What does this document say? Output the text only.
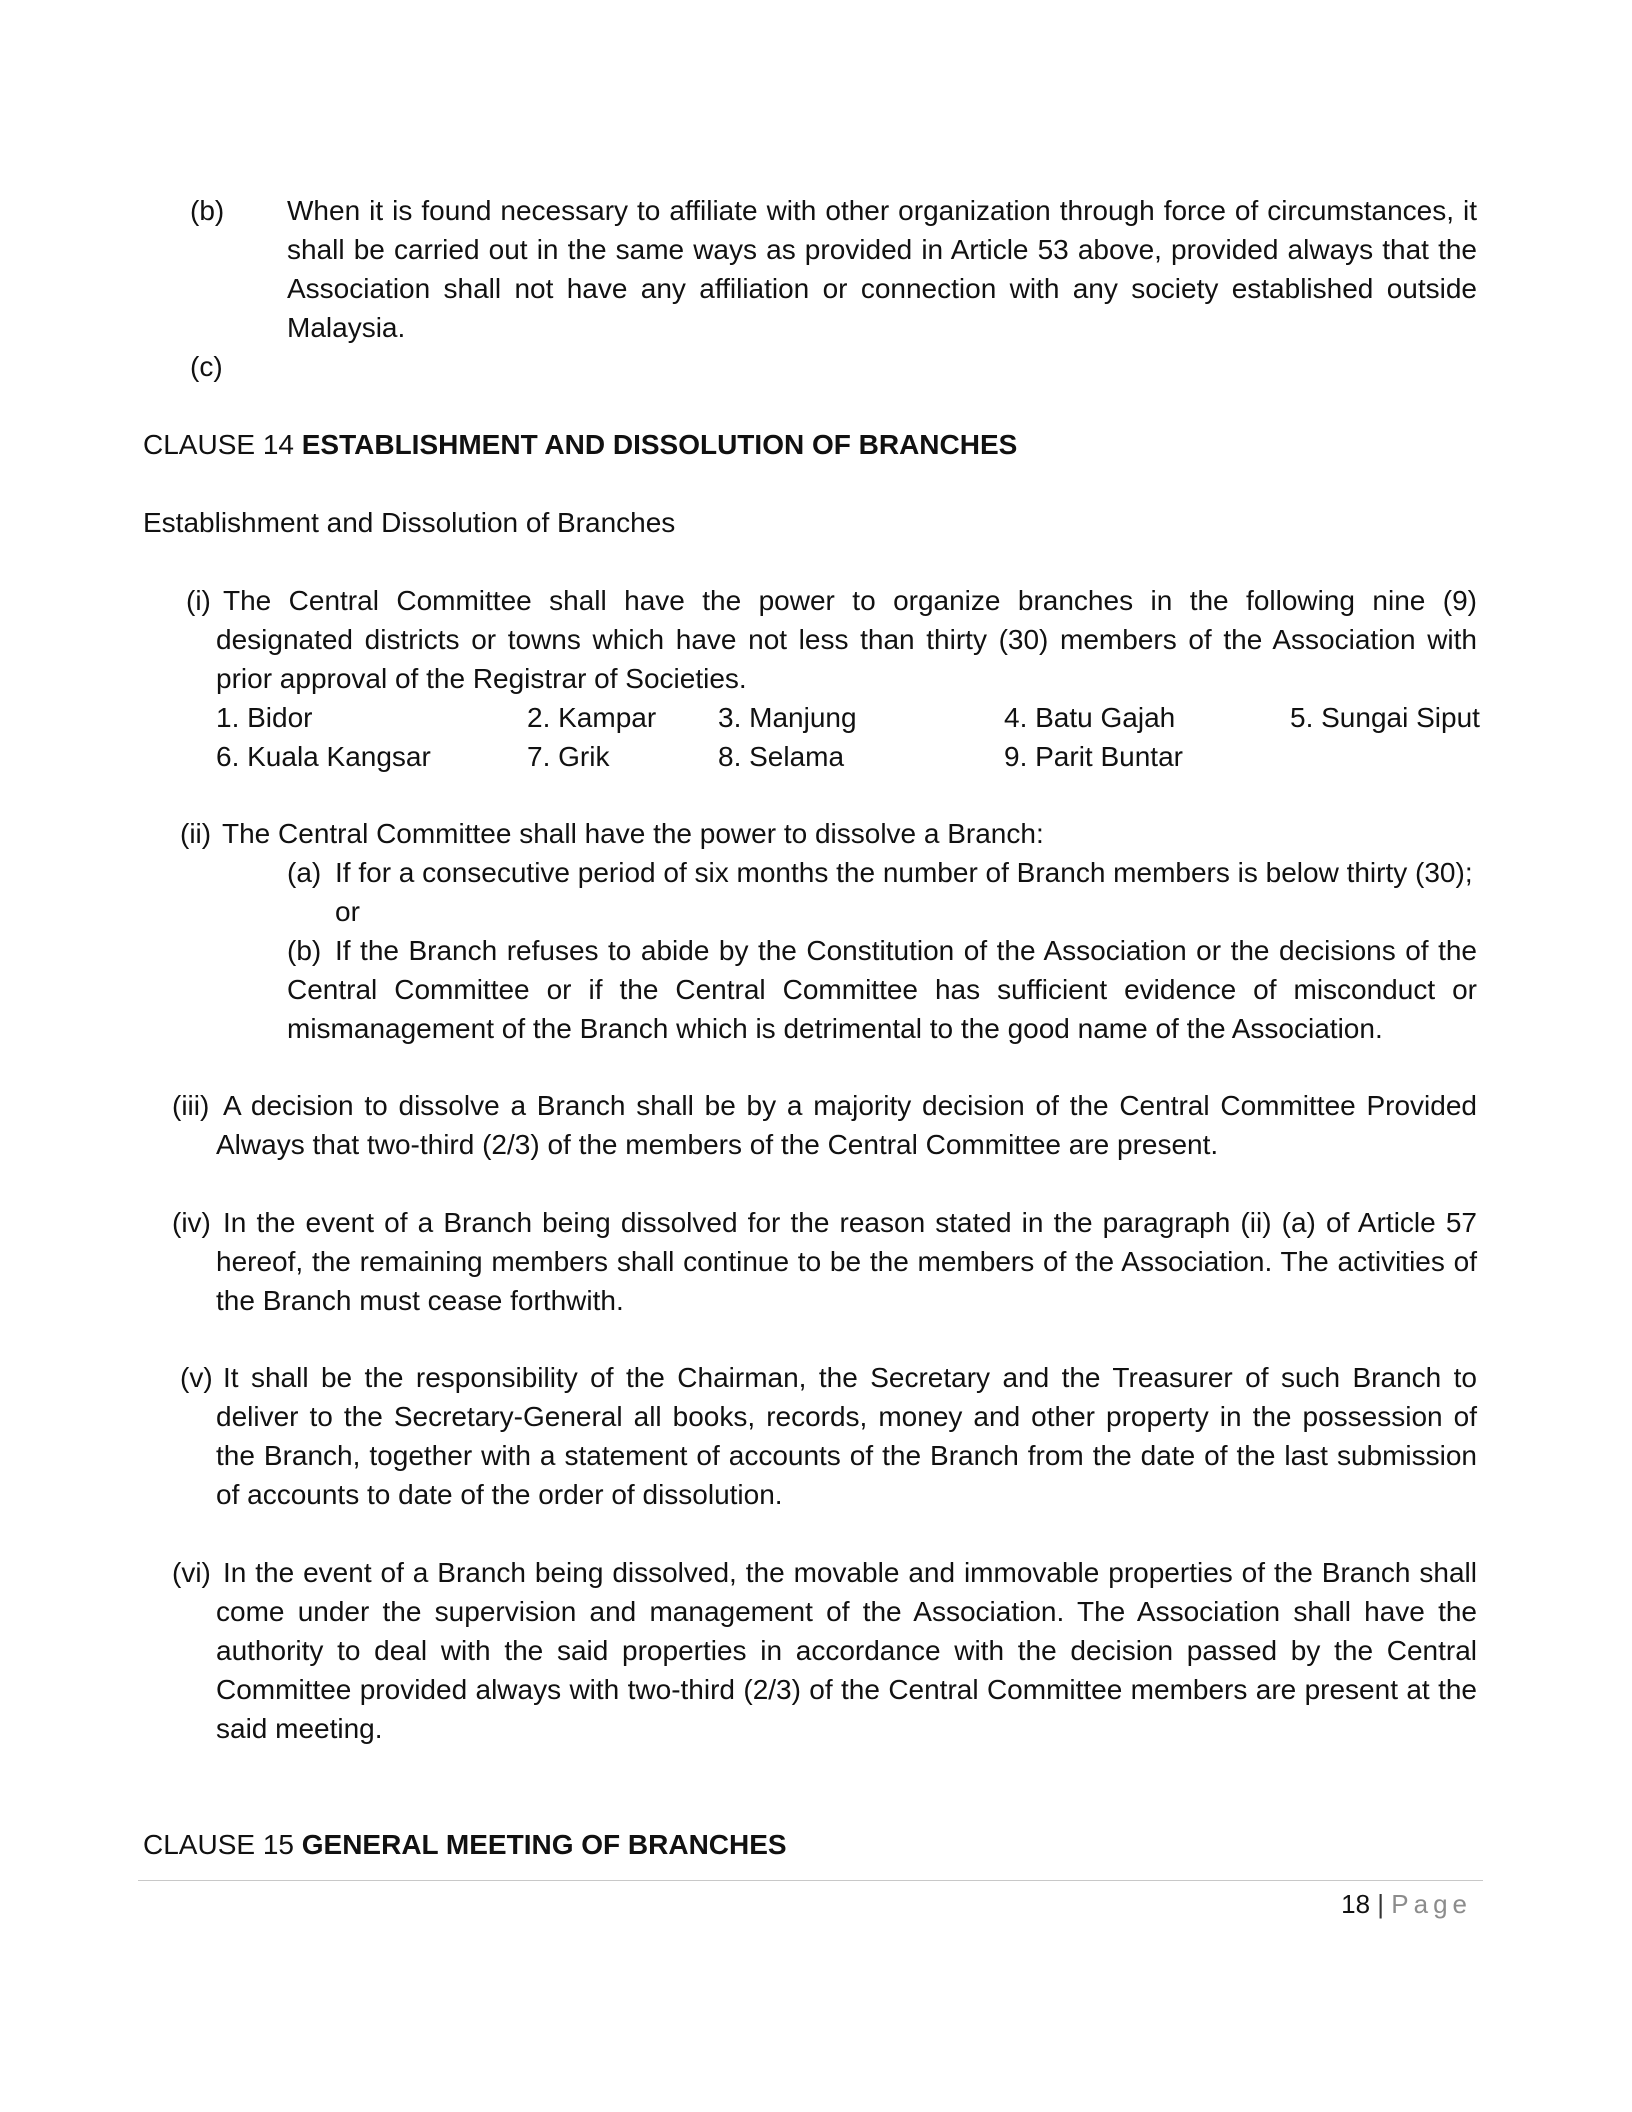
(b) When it is found necessary to affiliate with other organization through force of circumstances, it shall be carried out in the same ways as provided in Article 53 above, provided always that the Association shall not have any affiliation or connection with any society established outside Malaysia.
(c)
CLAUSE 14 ESTABLISHMENT AND DISSOLUTION OF BRANCHES
Establishment and Dissolution of Branches
(i) The Central Committee shall have the power to organize branches in the following nine (9) designated districts or towns which have not less than thirty (30) members of the Association with prior approval of the Registrar of Societies.
1. Bidor	2. Kampar 3. Manjung	4. Batu Gajah	5. Sungai Siput
6. Kuala Kangsar	7. Grik	8. Selama	9. Parit Buntar
(ii) The Central Committee shall have the power to dissolve a Branch:
(a) If for a consecutive period of six months the number of Branch members is below thirty (30); or
(b) If the Branch refuses to abide by the Constitution of the Association or the decisions of the Central Committee or if the Central Committee has sufficient evidence of misconduct or mismanagement of the Branch which is detrimental to the good name of the Association.
(iii) A decision to dissolve a Branch shall be by a majority decision of the Central Committee Provided Always that two-third (2/3) of the members of the Central Committee are present.
(iv) In the event of a Branch being dissolved for the reason stated in the paragraph (ii) (a) of Article 57 hereof, the remaining members shall continue to be the members of the Association. The activities of the Branch must cease forthwith.
(v) It shall be the responsibility of the Chairman, the Secretary and the Treasurer of such Branch to deliver to the Secretary-General all books, records, money and other property in the possession of the Branch, together with a statement of accounts of the Branch from the date of the last submission of accounts to date of the order of dissolution.
(vi) In the event of a Branch being dissolved, the movable and immovable properties of the Branch shall come under the supervision and management of the Association. The Association shall have the authority to deal with the said properties in accordance with the decision passed by the Central Committee provided always with two-third (2/3) of the Central Committee members are present at the said meeting.
CLAUSE 15 GENERAL MEETING OF BRANCHES
18 | Page
